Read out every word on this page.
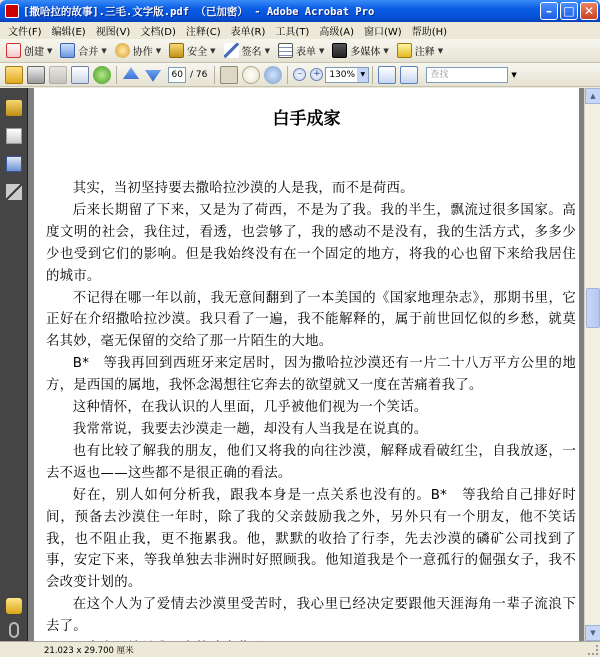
[撒哈拉的故事].三毛.文字版.pdf （已加密） - Adobe Acrobat Pro	– □ ✕
文件(F)	编辑(E)	视图(V)	文档(D)	注释(C)	表单(R)	工具(T)	高级(A)	窗口(W)	帮助(H)
创建 ▼	合并 ▼	协作 ▼	安全 ▼	签名 ▼	表单 ▼	多媒体 ▼	注释 ▼
60 / 76	–	+ 130% ▼	查找	▼
白手成家

其实，当初坚持要去撒哈拉沙漠的人是我，而不是荷西。

后来长期留了下来，又是为了荷西，不是为了我。我的半生，飘流过很多国家。高度文明的社会，我住过，看透，也尝够了，我的感动不是没有，我的生活方式，多多少少也受到它们的影响。但是我始终没有在一个固定的地方，将我的心也留下来给我居住的城市。

不记得在哪一年以前，我无意间翻到了一本美国的《国家地理杂志》，那期书里，它正好在介绍撒哈拉沙漠。我只看了一遍，我不能解释的，属于前世回忆似的乡愁，就莫名其妙，毫无保留的交给了那一片陌生的大地。

B*　等我再回到西班牙来定居时，因为撒哈拉沙漠还有一片二十八万平方公里的地方，是西国的属地，我怀念渴想往它奔去的欲望就又一度在苦痛着我了。

这种情怀，在我认识的人里面，几乎被他们视为一个笑话。

我常常说，我要去沙漠走一趟，却没有人当我是在说真的。

也有比较了解我的朋友，他们又将我的向往沙漠，解释成看破红尘，自我放逐，一去不返也——这些都不是很正确的看法。

好在，别人如何分析我，跟我本身是一点关系也没有的。B*　等我给自己排好时间，预备去沙漠住一年时，除了我的父亲鼓励我之外，另外只有一个朋友，他不笑话我，也不阻止我，更不拖累我。他，默默的收拾了行李，先去沙漠的磷矿公司找到了事，安定下来，等我单独去非洲时好照顾我。他知道我是个一意孤行的倔强女子，我不会改变计划的。

在这个人为了爱情去沙漠里受苦时，我心里已经决定要跟他天涯海角一辈子流浪下去了。

▲
▼
21.023 x 29.700 厘米
